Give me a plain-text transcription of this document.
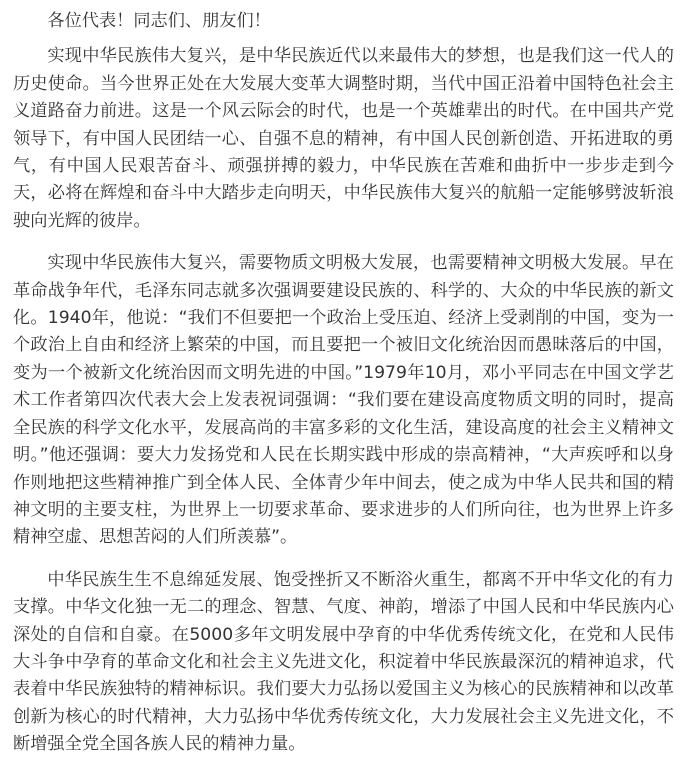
各位代表！同志们、朋友们！

实现中华民族伟大复兴，是中华民族近代以来最伟大的梦想，也是我们这一代人的历史使命。当今世界正处在大发展大变革大调整时期，当代中国正沿着中国特色社会主义道路奋力前进。这是一个风云际会的时代，也是一个英雄辈出的时代。在中国共产党领导下，有中国人民团结一心、自强不息的精神，有中国人民创新创造、开拓进取的勇气，有中国人民艰苦奋斗、顽强拼搏的毅力，中华民族在苦难和曲折中一步步走到今天，必将在辉煌和奋斗中大踏步走向明天，中华民族伟大复兴的航船一定能够劈波斩浪驶向光辉的彼岸。

实现中华民族伟大复兴，需要物质文明极大发展，也需要精神文明极大发展。早在革命战争年代，毛泽东同志就多次强调要建设民族的、科学的、大众的中华民族的新文化。1940年，他说：“我们不但要把一个政治上受压迫、经济上受剥削的中国，变为一个政治上自由和经济上繁荣的中国，而且要把一个被旧文化统治因而愚昧落后的中国，变为一个被新文化统治因而文明先进的中国。”1979年10月，邓小平同志在中国文学艺术工作者第四次代表大会上发表祝词强调：“我们要在建设高度物质文明的同时，提高全民族的科学文化水平，发展高尚的丰富多彩的文化生活，建设高度的社会主义精神文明。”他还强调：要大力发扬党和人民在长期实践中形成的崇高精神，“大声疾呼和以身作则地把这些精神推广到全体人民、全体青少年中间去，使之成为中华人民共和国的精神文明的主要支柱，为世界上一切要求革命、要求进步的人们所向往，也为世界上许多精神空虚、思想苦闷的人们所羡慕”。

中华民族生生不息绵延发展、饱受挫折又不断浴火重生，都离不开中华文化的有力支撑。中华文化独一无二的理念、智慧、气度、神韵，增添了中国人民和中华民族内心深处的自信和自豪。在5000多年文明发展中孕育的中华优秀传统文化，在党和人民伟大斗争中孕育的革命文化和社会主义先进文化，积淀着中华民族最深沉的精神追求，代表着中华民族独特的精神标识。我们要大力弘扬以爱国主义为核心的民族精神和以改革创新为核心的时代精神，大力弘扬中华优秀传统文化，大力发展社会主义先进文化，不断增强全党全国各族人民的精神力量。
